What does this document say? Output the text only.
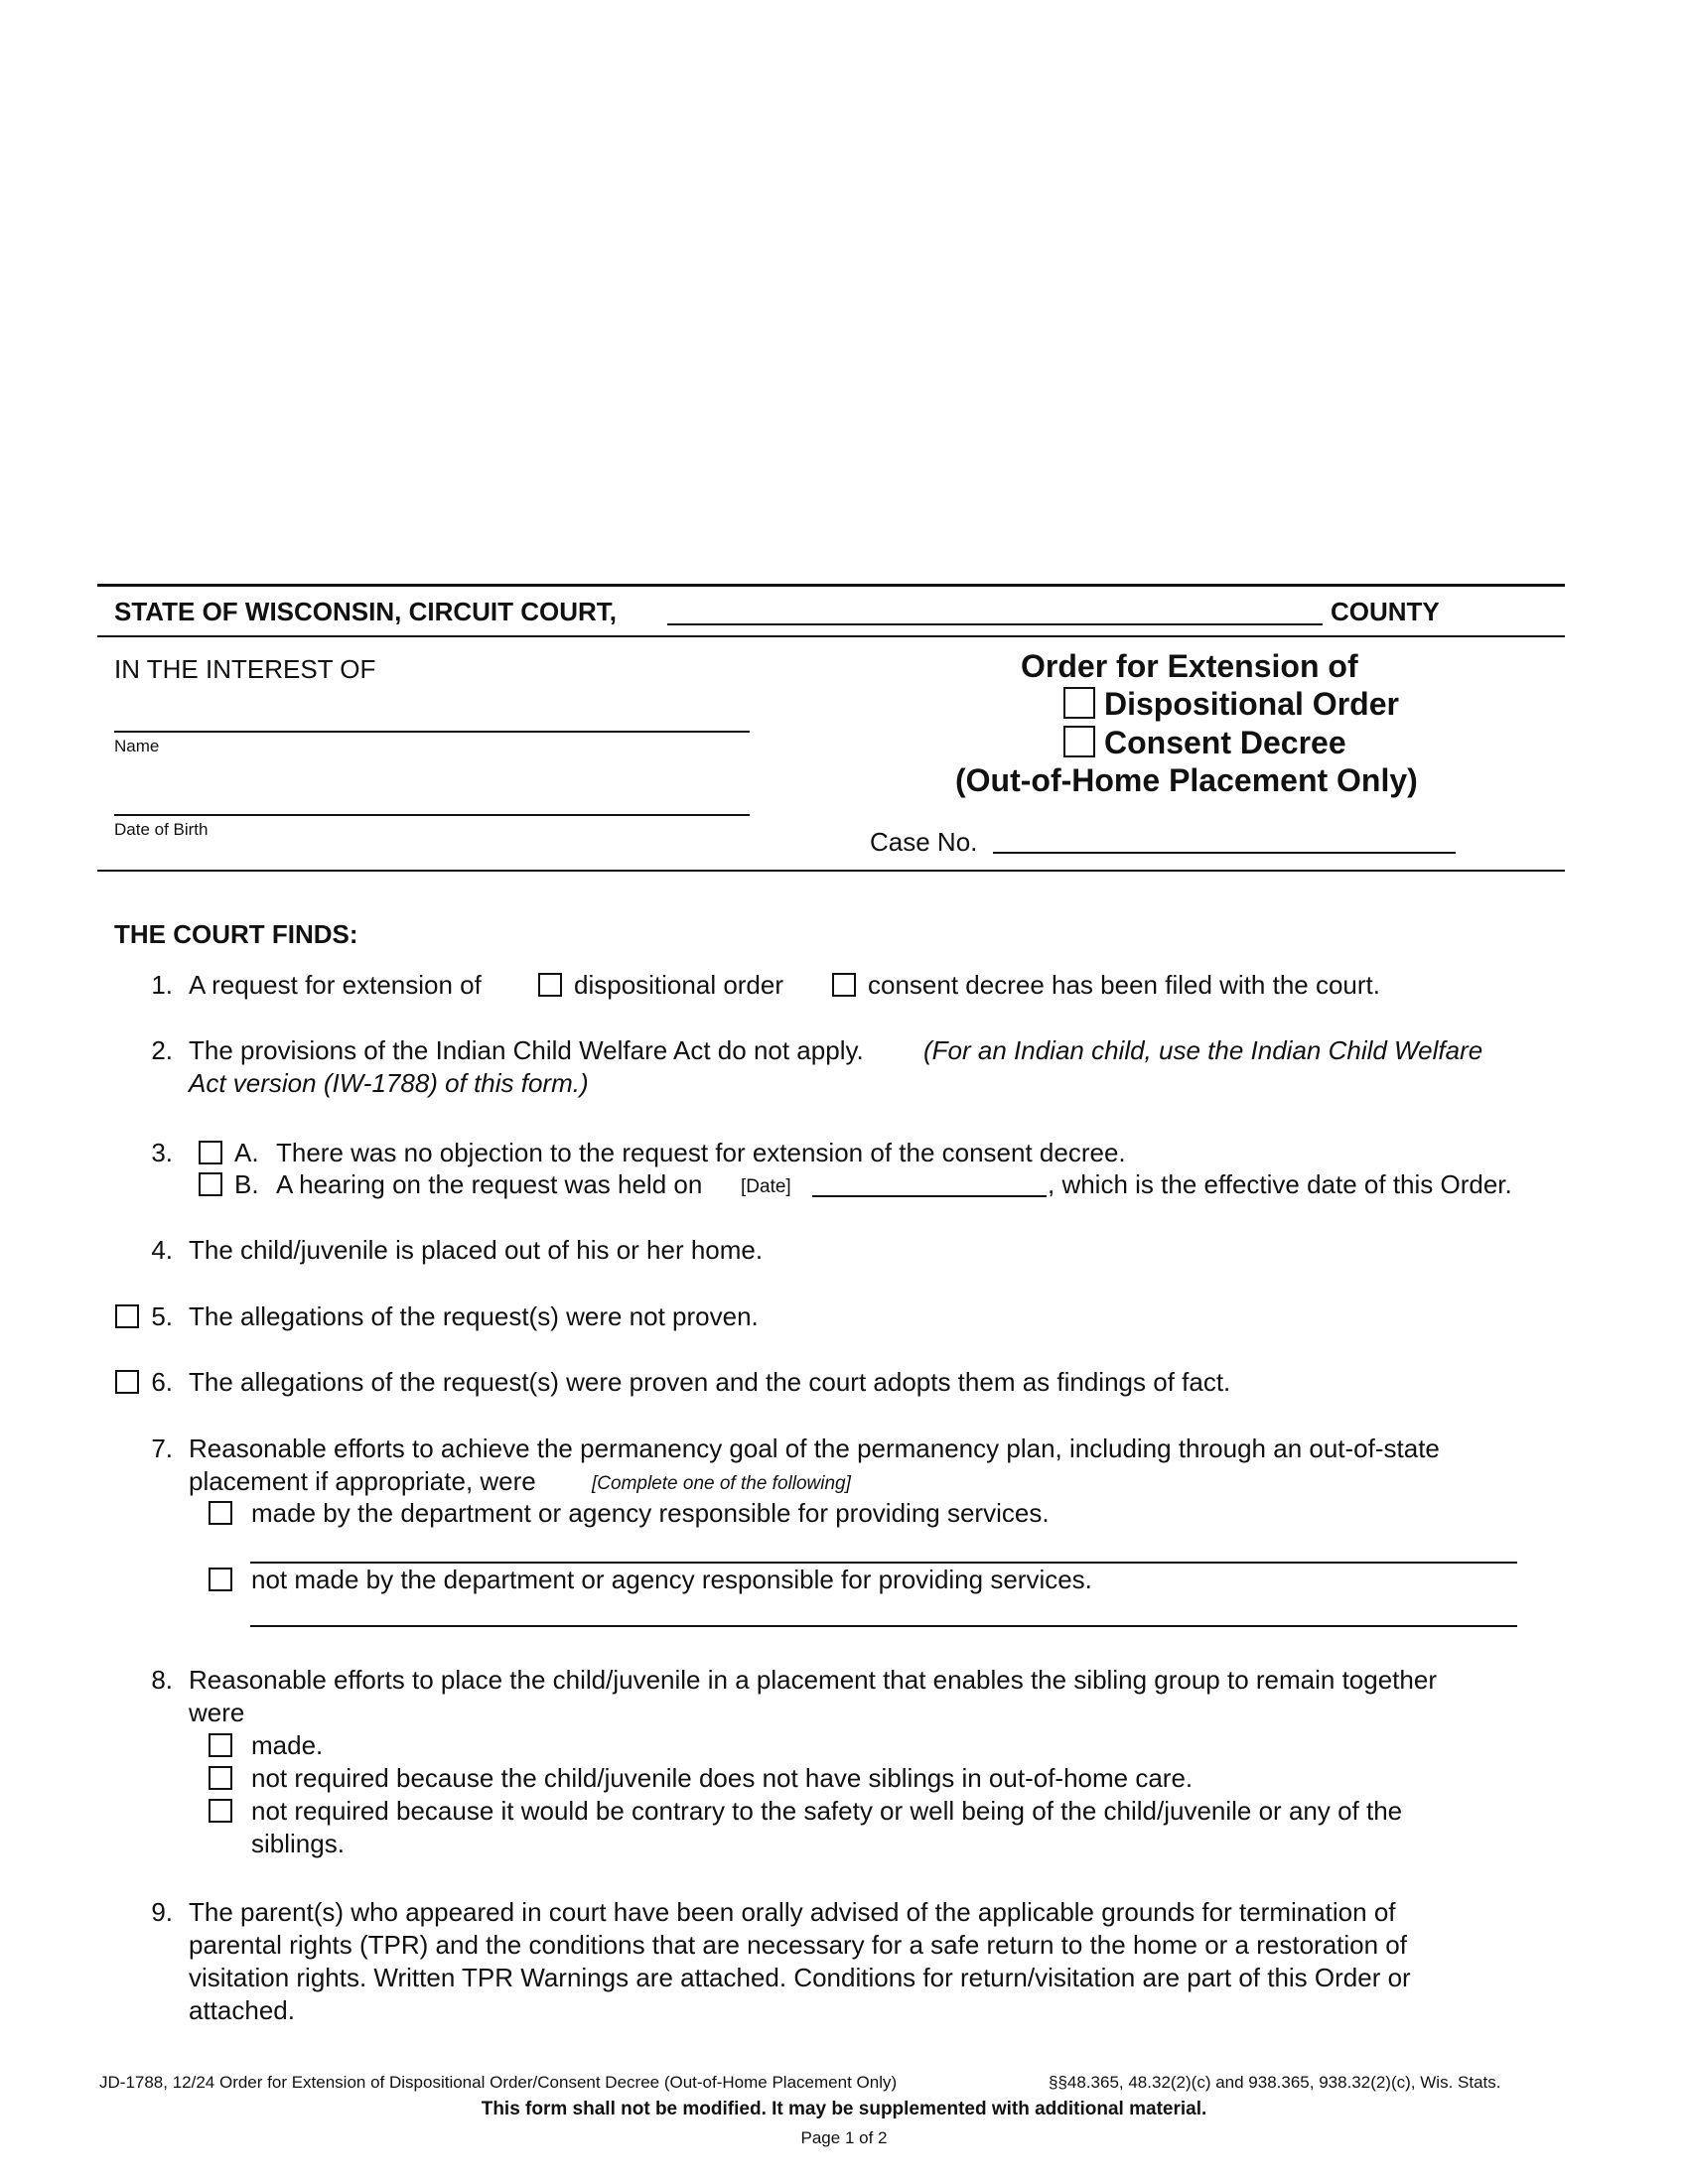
STATE OF WISCONSIN, CIRCUIT COURT,	COUNTY
IN THE INTEREST OF
Name
Date of Birth
Order for Extension of
Dispositional Order
Consent Decree
(Out-of-Home Placement Only)
Case No.
THE COURT FINDS:
1. A request for extension of	dispositional order	consent decree has been filed with the court.
2. The provisions of the Indian Child Welfare Act do not apply. (For an Indian child, use the Indian Child Welfare
Act version (IW-1788) of this form.)
3. A. There was no objection to the request for extension of the consent decree.
B. A hearing on the request was held on [Date]	, which is the effective date of this Order.
4. The child/juvenile is placed out of his or her home.
5. The allegations of the request(s) were not proven.
6. The allegations of the request(s) were proven and the court adopts them as findings of fact.
7. Reasonable efforts to achieve the permanency goal of the permanency plan, including through an out-of-state
placement if appropriate, were	[Complete one of the following]
made by the department or agency responsible for providing services.
not made by the department or agency responsible for providing services.
8. Reasonable efforts to place the child/juvenile in a placement that enables the sibling group to remain together
were
made.
not required because the child/juvenile does not have siblings in out-of-home care.
not required because it would be contrary to the safety or well being of the child/juvenile or any of the
siblings.
9. The parent(s) who appeared in court have been orally advised of the applicable grounds for termination of
parental rights (TPR) and the conditions that are necessary for a safe return to the home or a restoration of
visitation rights. Written TPR Warnings are attached. Conditions for return/visitation are part of this Order or
attached.
JD-1788, 12/24 Order for Extension of Dispositional Order/Consent Decree (Out-of-Home Placement Only)	§§48.365, 48.32(2)(c) and 938.365, 938.32(2)(c), Wis. Stats.
This form shall not be modified. It may be supplemented with additional material.
Page 1 of 2
